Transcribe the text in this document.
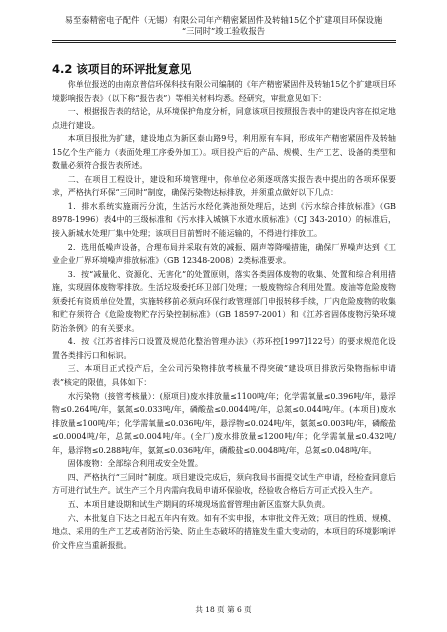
易至泰精密电子配件（无锡）有限公司年产精密紧固件及转轴15亿个扩建项目环保设施
“三同时”竣工验收报告
4.2 该项目的环评批复意见

你单位报送的由南京普信环保科技有限公司编制的《年产精密紧固件及转轴15亿个扩建项目环境影响报告表》（以下称“报告表”）等相关材料均悉。经研究，审批意见如下：

一、根据报告表的结论，从环境保护角度分析，同意该项目按照报告表中的建设内容在拟定地点进行建设。

本项目报批为扩建，建设地点为新区泰山路9号，利用原有车间，形成年产精密紧固件及转轴15亿个生产能力（表面处理工序委外加工）。项目投产后的产品、规模、生产工艺、设备的类型和数量必须符合报告表所述。

二、在项目工程设计，建设和环境管理中，你单位必须逐项落实报告表中提出的各项环保要求，严格执行环保“三同时”制度，确保污染物达标排放，并须重点做好以下几点：

1．排水系统实施雨污分流，生活污水经化粪池预处理后，达到《污水综合排放标准》（GB 8978-1996）表4中的三级标准和《污水排入城镇下水道水质标准》（CJ 343-2010）的标准后，接入新城水处理厂集中处理；该项目目前暂时不能运输的，不得进行排放工。

2．选用低噪声设备，合理布局并采取有效的减振、隔声等降噪措施，确保厂界噪声达到《工业企业厂界环境噪声排放标准》（GB 12348-2008）2类标准要求。

3．按“减量化、资源化、无害化”的处置原则，落实各类固体废物的收集、处置和综合利用措施，实现固体废物零排放。生活垃圾委托环卫部门处理；一般废物综合利用处置。废油等危险废物须委托有资质单位处置，实施转移前必须向环保行政管理部门申报转移手续，厂内危险废物的收集和贮存须符合《危险废物贮存污染控制标准》（GB 18597-2001）和《江苏省固体废物污染环境防治条例》的有关要求。

4．按《江苏省排污口设置及规范化整治管理办法》（苏环控[1997]122号）的要求规范化设置各类排污口和标识。

三、本项目正式投产后，全公司污染物排放考核量不得突破“建设项目排放污染物指标申请表”核定的限值，具体如下：

水污染物（接管考核量）：(原项目)废水排放量≤1100吨/年；化学需氧量≤0.396吨/年，悬浮物≤0.264吨/年，氨氮≤0.033吨/年，磷酸盐≤0.0044吨/年，总氮≤0.044吨/年。(本项目)废水排放量≤100吨/年；化学需氧量≤0.036吨/年，悬浮物≤0.024吨/年，氨氮≤0.003吨/年，磷酸盐≤0.0004吨/年，总氮≤0.004吨/年。(全厂)废水排放量≤1200吨/年；化学需氧量≤0.432吨/年，悬浮物≤0.288吨/年，氨氮≤0.036吨/年，磷酸盐≤0.0048吨/年，总氮≤0.048吨/年。

固体废物：全部综合利用或安全处置。

四、严格执行“三同时”制度。项目建设完成后，须向我局书面提交试生产申请，经检查同意后方可进行试生产。试生产三个月内需向我局申请环保验收，经验收合格后方可正式投入生产。

五、本项目建设期和试生产期间的环境现场监督管理由新区监察大队负责。

六、本批复自下达之日起五年内有效。如有不实申报，本审批文件无效；项目的性质、规模、地点、采用的生产工艺或者防治污染、防止生态破坏的措施发生重大变动的，本项目的环境影响评价文件应当重新报批。

共 18 页 第 6 页
